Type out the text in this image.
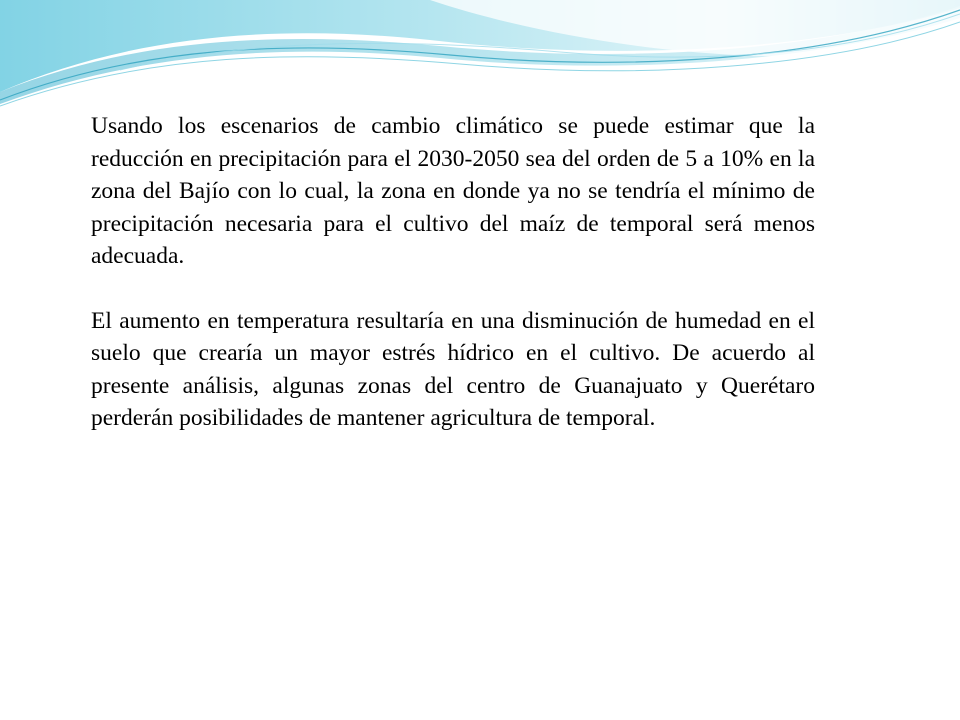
Usando los escenarios de cambio climático se puede estimar que la reducción en precipitación para el 2030-2050 sea del orden de 5 a 10% en la zona del Bajío con lo cual, la zona en donde ya no se tendría el mínimo de precipitación necesaria para el cultivo del maíz de temporal será menos adecuada.

El aumento en temperatura resultaría en una disminución de humedad en el suelo que crearía un mayor estrés hídrico en el cultivo. De acuerdo al presente análisis, algunas zonas del centro de Guanajuato y Querétaro perderán posibilidades de mantener agricultura de temporal.
